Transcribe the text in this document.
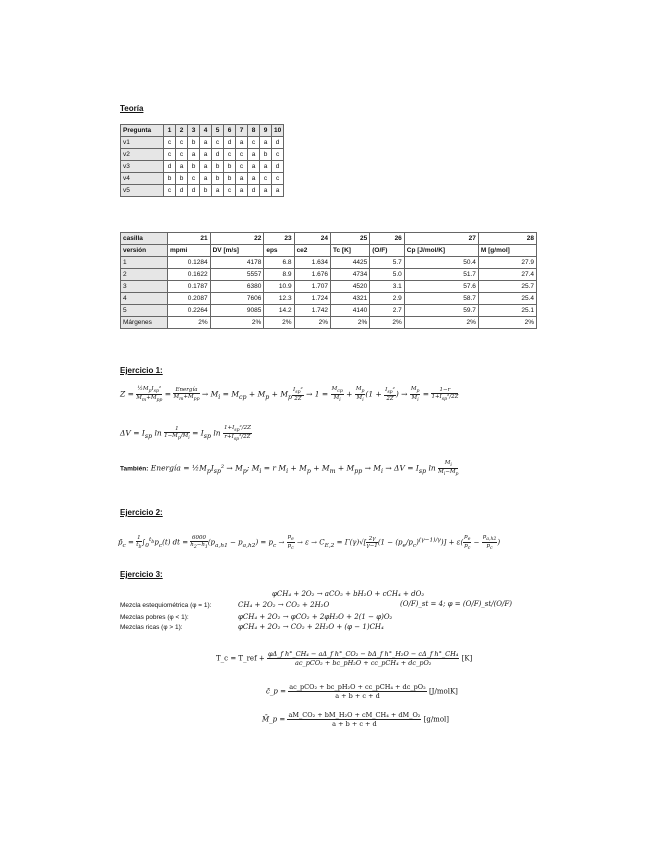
Teoría
Pregunta	1	2	3	4	5	6	7	8	9	10
v1	c	c	b	a	c	d	a	c	a	d
v2	c	c	a	a	d	c	c	a	b	c
v3	d	a	b	a	b	b	c	a	a	d
v4	b	b	c	a	b	b	a	a	c	c
v5	c	d	d	b	a	c	a	d	a	a
casilla	21	22	23	24	25	26	27	28
versión	mpmi	DV [m/s]	eps	ce2	Tc [K]	(O/F)	Cp [J/mol/K]	M [g/mol]
1	0.1284	4178	6.8	1.634	4425	5.7	50.4	27.9
2	0.1622	5557	8.9	1.676	4734	5.0	51.7	27.4
3	0.1787	6380	10.9	1.707	4520	3.1	57.6	25.7
4	0.2087	7606	12.3	1.724	4321	2.9	58.7	25.4
5	0.2264	9085	14.2	1.742	4140	2.7	59.7	25.1
Márgenes	2%	2%	2%	2%	2%	2%	2%	2%
Ejercicio 1:
$Z = \frac{\frac{1}{2}M_pI_{sp}^2}{M_m+M_{pp}} = \frac{\text{Energía}}{M_m+M_{pp}} \to M_i = M_{cp} + M_p + M_p \frac{I_{sp}^2}{2Z} \to 1 = \frac{M_{cp}}{M_i} + \frac{M_p}{M_i} (1 + \frac{I_{sp}^2}{2Z}$ ) → $\frac{M_p}{M_i} = \frac{1-r}{1+I_{sp}^2/2Z}$
$\Delta V = I_{sp}$ $\ln \frac{1}{1-M_p/M_i} = I_{sp}$ $\ln \frac{1+I_{sp}^2/2Z}{r+I_{sp}^2/2Z}$
También: Energía = $\frac{1}{2}M_pI_{sp}^2 \to M_p$; $M_i = r$ $M_i + M_p + M_m + M_{pp} \to M_i \to \Delta V = I_{sp}$ $\ln \frac{M_i}{M_i-M_p}$
Ejercicio 2:
$p̄_c = \frac{1}{t_b} \int_0^{t_b}p_c(t)$ dt = $\frac{6000}{h_2-h_1} (p_{a,h1} - p_{a,h2}) = p_c \to \frac{p_e}{p_c} \to \varepsilon \to C_{E,2} = \Gamma(\gamma)√[ \frac{2\gamma}{\gamma-1} (1 - (p_e/p_c)^{(\gamma-1)/\gamma})] + \varepsilon( \frac{p_e}{p_c} - \frac{p_{a,h2}}{p_c}$ )
Ejercicio 3:
φCH₄ + 2O₂ → aCO₂ + bH₂O + cCH₄ + dO₂
Mezcla estequiométrica (φ = 1):	CH₄ + 2O₂ → CO₂ + 2H₂O	(O/F)_st = 4; φ = (O/F)_st/(O/F)
Mezclas pobres (φ < 1):	φCH₄ + 2O₂ → φCO₂ + 2φH₂O + 2(1 − φ)O₂
Mezclas ricas (φ > 1):	φCH₄ + 2O₂ → CO₂ + 2H₂O + (φ − 1)CH₄
T_c = T_ref + $\frac{\text{φΔ\_f h°\_CH₄ − aΔ\_f h°\_CO₂ − bΔ\_f h°\_H₂O − cΔ\_f h°\_CH₄}}{\text{ac\_pCO₂ + bc\_pH₂O + cc\_pCH₄ + dc\_pO₂}} [K]$
c̄_p = $\frac{\text{ac\_pCO₂ + bc\_pH₂O + cc\_pCH₄ + dc\_pO₂}}{a + b + c + d}$ [J/molK]
M̄_p = $\frac{\text{aM\_CO₂ + bM\_H₂O + cM\_CH₄ + dM\_O₂}}{a + b + c + d} [g/mol]$
